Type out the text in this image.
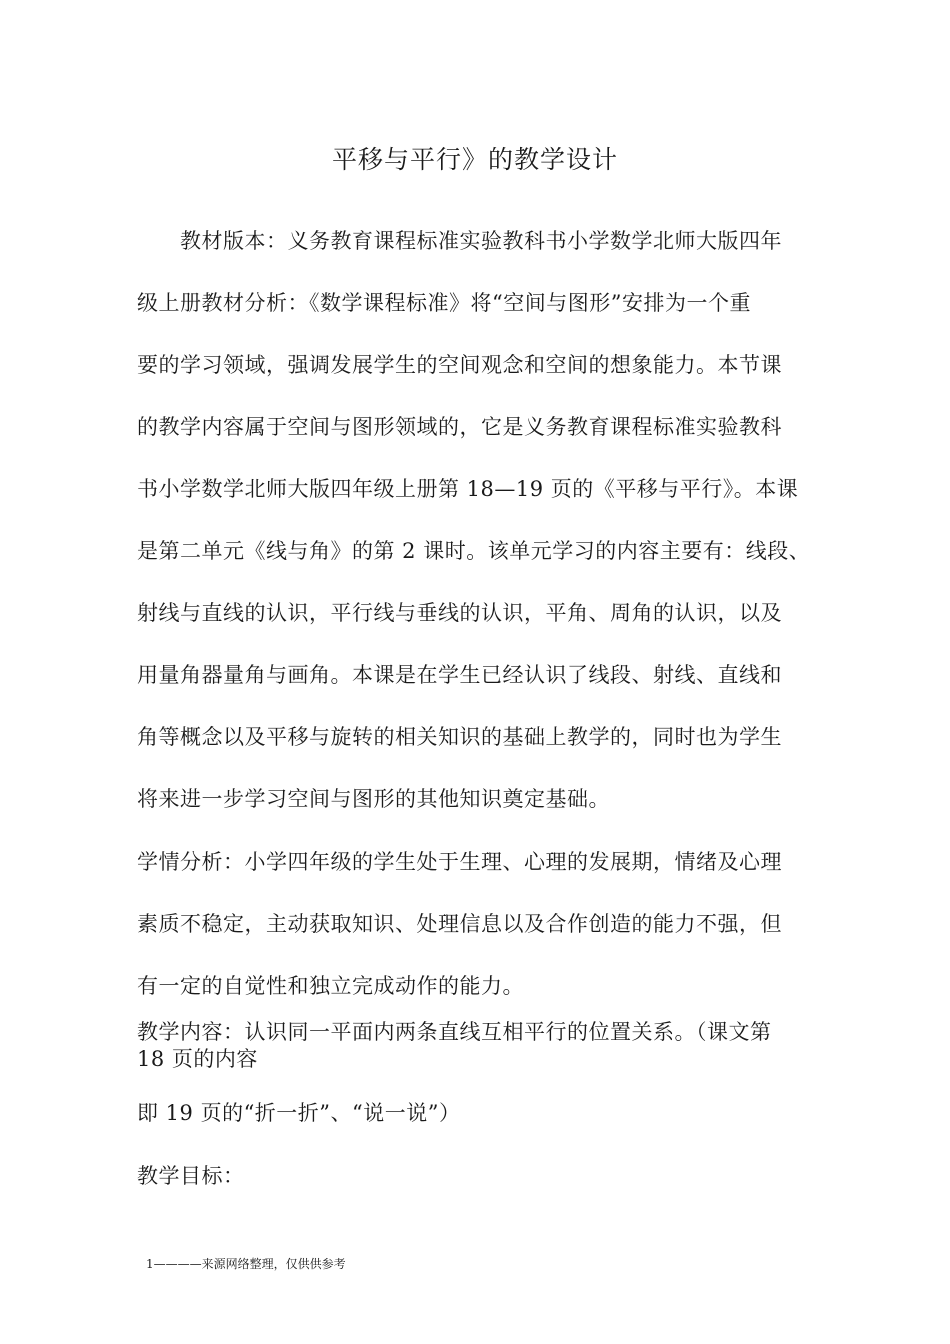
平移与平行》的教学设计
教材版本：义务教育课程标准实验教科书小学数学北师大版四年
级上册教材分析：《数学课程标准》将“空间与图形”安排为一个重
要的学习领域，强调发展学生的空间观念和空间的想象能力。本节课
的教学内容属于空间与图形领域的，它是义务教育课程标准实验教科
书小学数学北师大版四年级上册第 18—19 页的《平移与平行》。本课
是第二单元《线与角》的第 2 课时。该单元学习的内容主要有：线段、
射线与直线的认识，平行线与垂线的认识，平角、周角的认识，以及
用量角器量角与画角。本课是在学生已经认识了线段、射线、直线和
角等概念以及平移与旋转的相关知识的基础上教学的，同时也为学生
将来进一步学习空间与图形的其他知识奠定基础。
学情分析：小学四年级的学生处于生理、心理的发展期，情绪及心理
素质不稳定，主动获取知识、处理信息以及合作创造的能力不强，但
有一定的自觉性和独立完成动作的能力。
教学内容：认识同一平面内两条直线互相平行的位置关系。（课文第
18 页的内容
即 19 页的“折一折”、“说一说”）
教学目标：
1————来源网络整理，仅供供参考
